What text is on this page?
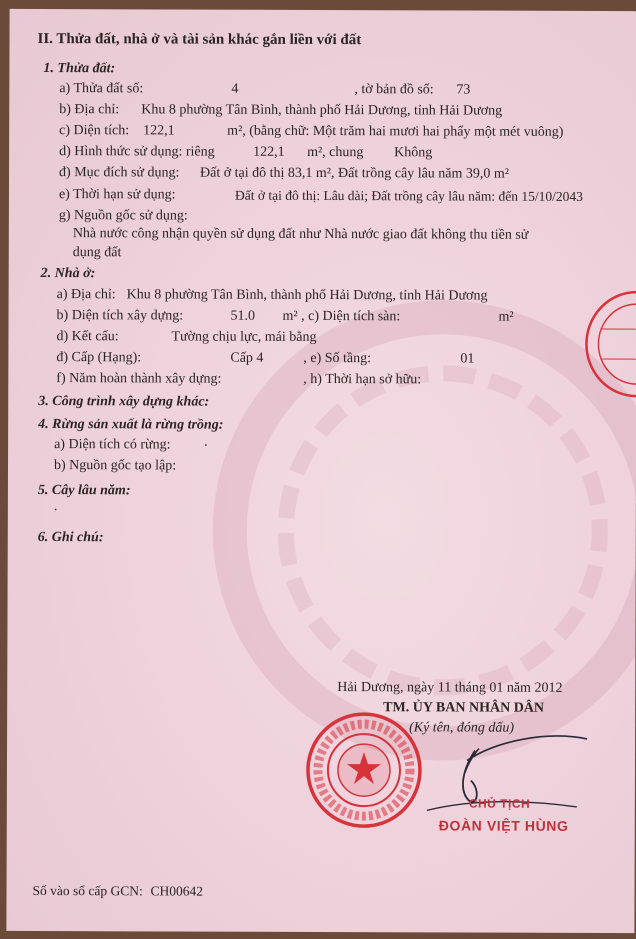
II. Thửa đất, nhà ở và tài sản khác gắn liền với đất
1. Thửa đất:
a) Thửa đất số:	4	, tờ bản đồ số: 73
b) Địa chỉ: Khu 8 phường Tân Bình, thành phố Hải Dương, tỉnh Hải Dương
c) Diện tích: 122,1	m², (bằng chữ: Một trăm hai mươi hai phẩy một mét vuông)
d) Hình thức sử dụng: riêng	122,1 m², chung Không
đ) Mục đích sử dụng: Đất ở tại đô thị 83,1 m², Đất trồng cây lâu năm 39,0 m²
e) Thời hạn sử dụng:	Đất ở tại đô thị: Lâu dài; Đất trồng cây lâu năm: đến 15/10/2043
g) Nguồn gốc sử dụng:
Nhà nước công nhận quyền sử dụng đất như Nhà nước giao đất không thu tiền sử
dụng đất
2. Nhà ở:
a) Địa chỉ: Khu 8 phường Tân Bình, thành phố Hải Dương, tỉnh Hải Dương
b) Diện tích xây dựng:	51.0 m² , c) Diện tích sàn:	m²
d) Kết cấu:	Tường chịu lực, mái bằng
đ) Cấp (Hạng):	Cấp 4	, e) Số tầng:	01
f) Năm hoàn thành xây dựng:	, h) Thời hạn sở hữu:
3. Công trình xây dựng khác:
4. Rừng sản xuất là rừng trồng:
a) Diện tích có rừng: .
b) Nguồn gốc tạo lập:
5. Cây lâu năm:
.
6. Ghi chú:
Hải Dương, ngày 11 tháng 01 năm 2012
TM. ỦY BAN NHÂN DÂN
(Ký tên, đóng dấu)
CHỦ TỊCH
ĐOÀN VIỆT HÙNG
Số vào sổ cấp GCN: CH00642
